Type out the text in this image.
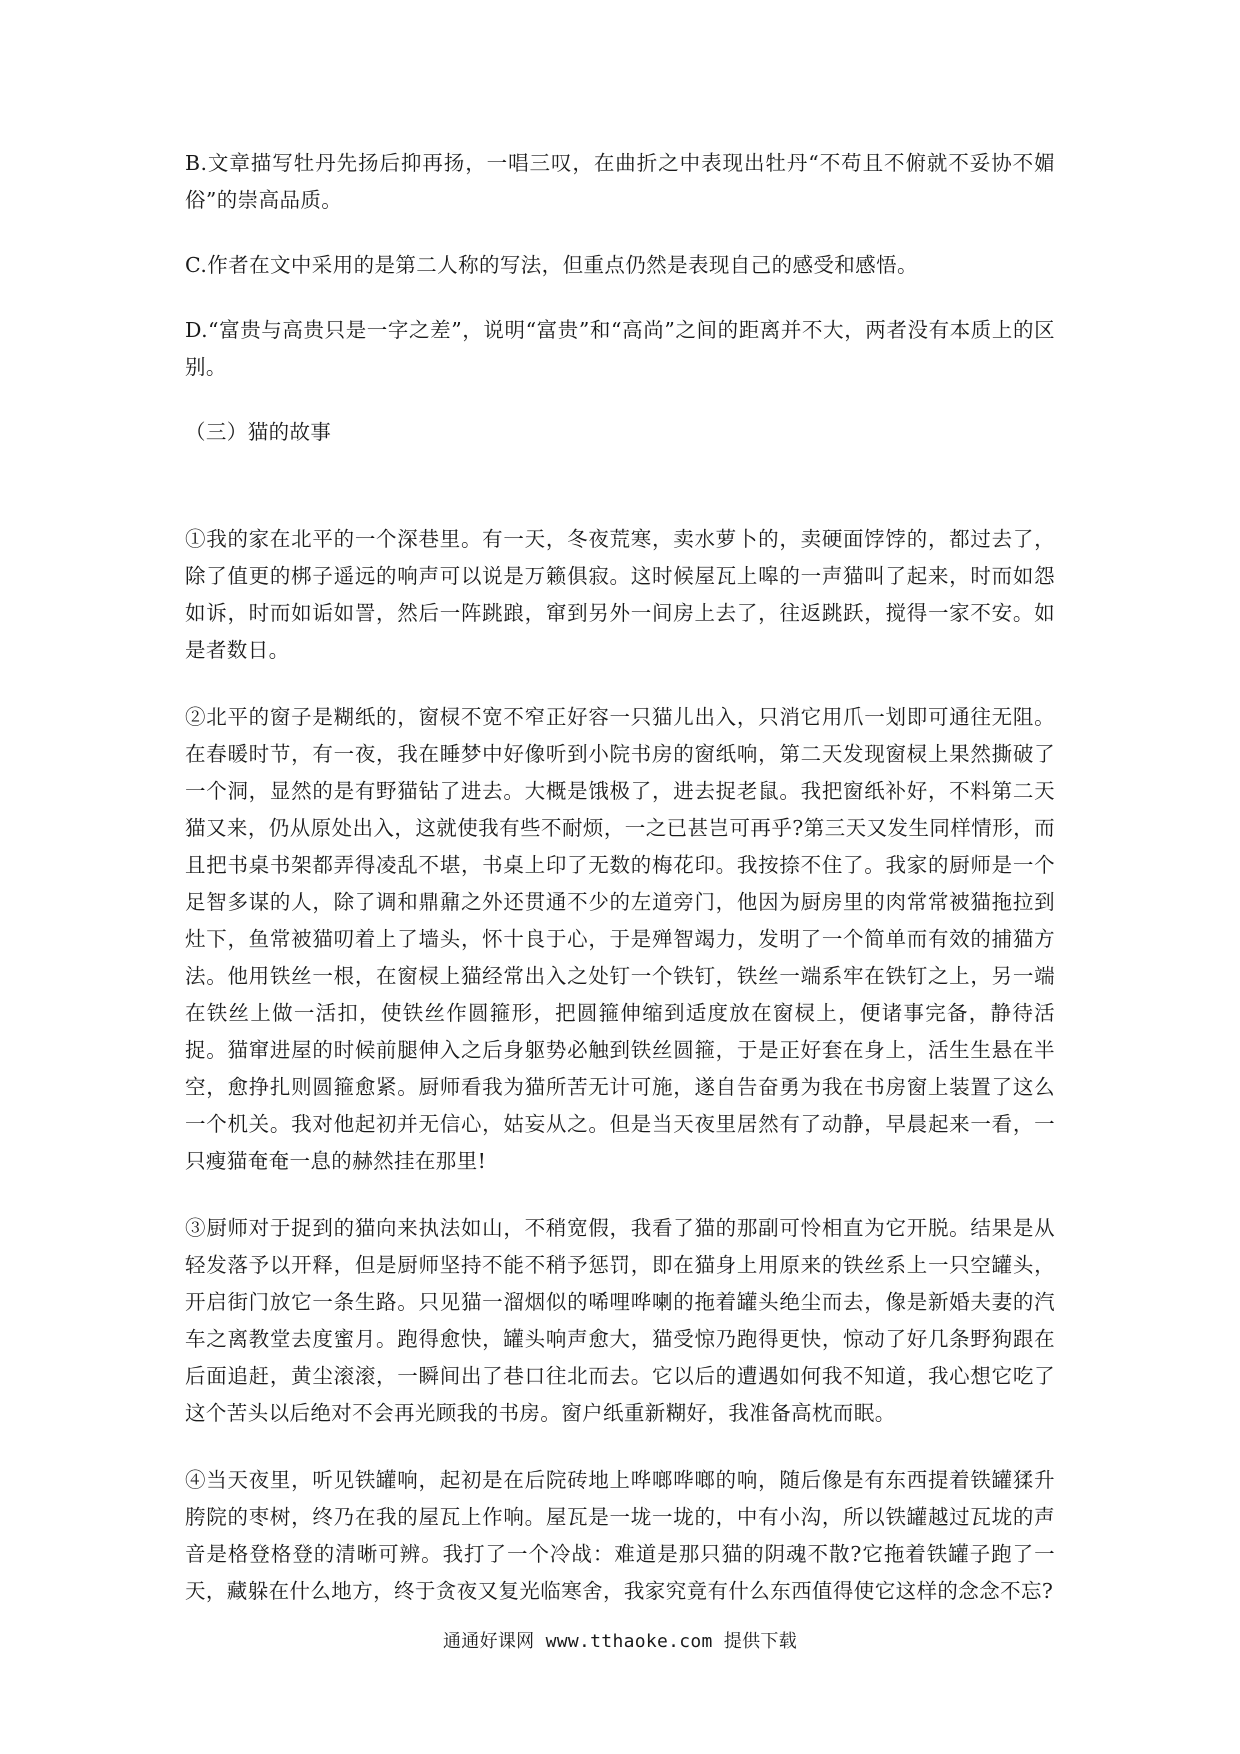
B.文章描写牡丹先扬后抑再扬，一唱三叹，在曲折之中表现出牡丹“不苟且不俯就不妥协不媚俗”的崇高品质。

C.作者在文中采用的是第二人称的写法，但重点仍然是表现自己的感受和感悟。

D.“富贵与高贵只是一字之差”，说明“富贵”和“高尚”之间的距离并不大，两者没有本质上的区别。

（三）猫的故事

①我的家在北平的一个深巷里。有一天，冬夜荒寒，卖水萝卜的，卖硬面饽饽的，都过去了，除了值更的梆子遥远的响声可以说是万籁俱寂。这时候屋瓦上嗥的一声猫叫了起来，时而如怨如诉，时而如诟如詈，然后一阵跳踉，窜到另外一间房上去了，往返跳跃，搅得一家不安。如是者数日。

②北平的窗子是糊纸的，窗棂不宽不窄正好容一只猫儿出入，只消它用爪一划即可通往无阻。在春暖时节，有一夜，我在睡梦中好像听到小院书房的窗纸响，第二天发现窗棂上果然撕破了一个洞，显然的是有野猫钻了进去。大概是饿极了，进去捉老鼠。我把窗纸补好，不料第二天猫又来，仍从原处出入，这就使我有些不耐烦，一之已甚岂可再乎?第三天又发生同样情形，而且把书桌书架都弄得凌乱不堪，书桌上印了无数的梅花印。我按捺不住了。我家的厨师是一个足智多谋的人，除了调和鼎鼐之外还贯通不少的左道旁门，他因为厨房里的肉常常被猫拖拉到灶下，鱼常被猫叨着上了墙头，怀十良于心，于是殚智竭力，发明了一个简单而有效的捕猫方法。他用铁丝一根，在窗棂上猫经常出入之处钉一个铁钉，铁丝一端系牢在铁钉之上，另一端在铁丝上做一活扣，使铁丝作圆箍形，把圆箍伸缩到适度放在窗棂上，便诸事完备，静待活捉。猫窜进屋的时候前腿伸入之后身躯势必触到铁丝圆箍，于是正好套在身上，活生生悬在半空，愈挣扎则圆箍愈紧。厨师看我为猫所苦无计可施，遂自告奋勇为我在书房窗上装置了这么一个机关。我对他起初并无信心，姑妄从之。但是当天夜里居然有了动静，早晨起来一看，一只瘦猫奄奄一息的赫然挂在那里!

③厨师对于捉到的猫向来执法如山，不稍宽假，我看了猫的那副可怜相直为它开脱。结果是从轻发落予以开释，但是厨师坚持不能不稍予惩罚，即在猫身上用原来的铁丝系上一只空罐头，开启街门放它一条生路。只见猫一溜烟似的唏哩哗喇的拖着罐头绝尘而去，像是新婚夫妻的汽车之离教堂去度蜜月。跑得愈快，罐头响声愈大，猫受惊乃跑得更快，惊动了好几条野狗跟在后面追赶，黄尘滚滚，一瞬间出了巷口往北而去。它以后的遭遇如何我不知道，我心想它吃了这个苦头以后绝对不会再光顾我的书房。窗户纸重新糊好，我准备高枕而眠。

④当天夜里，听见铁罐响，起初是在后院砖地上哗啷哗啷的响，随后像是有东西提着铁罐猱升胯院的枣树，终乃在我的屋瓦上作响。屋瓦是一垅一垅的，中有小沟，所以铁罐越过瓦垅的声音是格登格登的清晰可辨。我打了一个冷战：难道是那只猫的阴魂不散?它拖着铁罐子跑了一天，藏躲在什么地方，终于贪夜又复光临寒舍，我家究竟有什么东西值得使它这样的念念不忘?

通通好课网 www.tthaoke.com 提供下载
